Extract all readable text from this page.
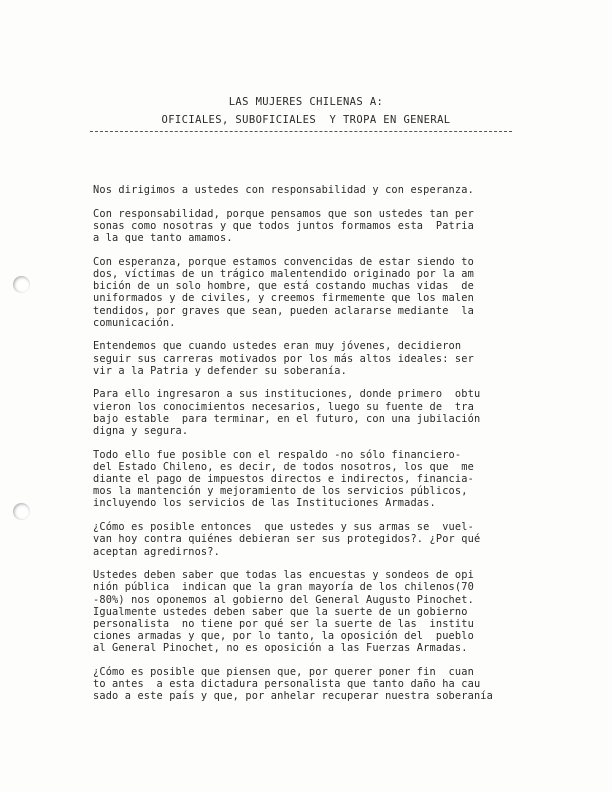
LAS MUJERES CHILENAS A:
OFICIALES, SUBOFICIALES  Y TROPA EN GENERAL
Nos dirigimos a ustedes con responsabilidad y con esperanza.
Con responsabilidad, porque pensamos que son ustedes tan per
sonas como nosotras y que todos juntos formamos esta  Patria
a la que tanto amamos.
Con esperanza, porque estamos convencidas de estar siendo to
dos, víctimas de un trágico malentendido originado por la am
bición de un solo hombre, que está costando muchas vidas  de
uniformados y de civiles, y creemos firmemente que los malen
tendidos, por graves que sean, pueden aclararse mediante  la
comunicación.
Entendemos que cuando ustedes eran muy jóvenes, decidieron
seguir sus carreras motivados por los más altos ideales: ser
vir a la Patria y defender su soberanía.
Para ello ingresaron a sus instituciones, donde primero  obtu
vieron los conocimientos necesarios, luego su fuente de  tra
bajo estable  para terminar, en el futuro, con una jubilación
digna y segura.
Todo ello fue posible con el respaldo -no sólo financiero-
del Estado Chileno, es decir, de todos nosotros, los que  me
diante el pago de impuestos directos e indirectos, financia-
mos la mantención y mejoramiento de los servicios públicos,
incluyendo los servicios de las Instituciones Armadas.
¿Cómo es posible entonces  que ustedes y sus armas se  vuel-
van hoy contra quiénes debieran ser sus protegidos?. ¿Por qué
aceptan agredirnos?.
Ustedes deben saber que todas las encuestas y sondeos de opi
nión pública  indican que la gran mayoría de los chilenos(70
-80%) nos oponemos al gobierno del General Augusto Pinochet.
Igualmente ustedes deben saber que la suerte de un gobierno
personalista  no tiene por qué ser la suerte de las  institu
ciones armadas y que, por lo tanto, la oposición del  pueblo
al General Pinochet, no es oposición a las Fuerzas Armadas.
¿Cómo es posible que piensen que, por querer poner fin  cuan
to antes  a esta dictadura personalista que tanto daño ha cau
sado a este país y que, por anhelar recuperar nuestra soberanía
